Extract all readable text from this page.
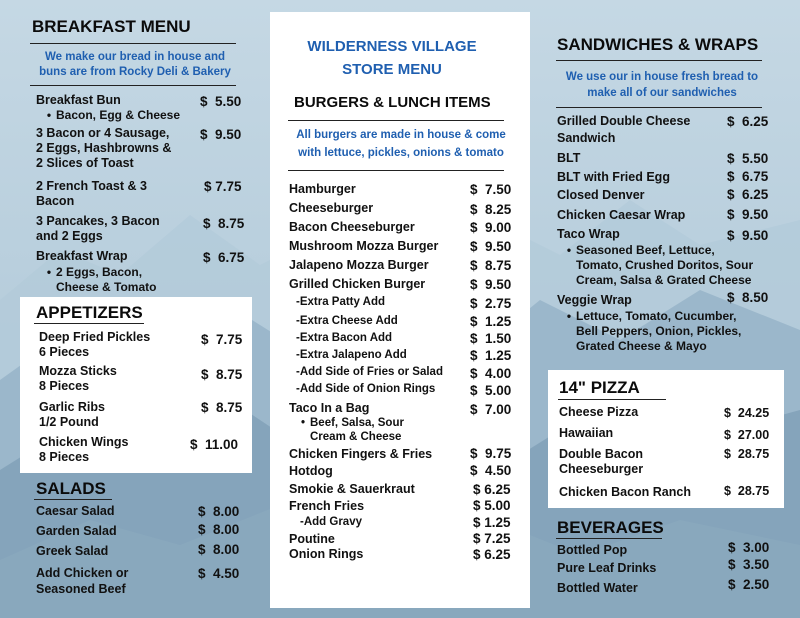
BREAKFAST MENU
We make our bread in house and
buns are from Rocky Deli & Bakery
Breakfast Bun	$  5.50
• Bacon, Egg & Cheese
3 Bacon or 4 Sausage,
2 Eggs, Hashbrowns &
2 Slices of Toast
$  9.50
2 French Toast & 3
Bacon
$ 7.75
3 Pancakes, 3 Bacon
and 2 Eggs
$  8.75
Breakfast Wrap	$  6.75
• 2 Eggs, Bacon,
Cheese & Tomato
APPETIZERS
Deep Fried Pickles
6 Pieces
$  7.75
Mozza Sticks
8 Pieces
$  8.75
Garlic Ribs
1/2 Pound
$  8.75
Chicken Wings
8 Pieces
$  11.00
SALADS
Caesar Salad	$  8.00
Garden Salad	$  8.00
Greek Salad	$  8.00
Add Chicken or
Seasoned Beef
$  4.50
WILDERNESS VILLAGE
STORE MENU
BURGERS & LUNCH ITEMS
All burgers are made in house & come
with lettuce, pickles, onions & tomato
Hamburger	$  7.50
Cheeseburger	$  8.25
Bacon Cheeseburger	$  9.00
Mushroom Mozza Burger $  9.50
Jalapeno Mozza Burger	$  8.75
Grilled Chicken Burger	$  9.50
-Extra Patty Add	$  2.75
-Extra Cheese Add	$  1.25
-Extra Bacon Add	$  1.50
-Extra Jalapeno Add	$  1.25
-Add Side of Fries or Salad $  4.00
-Add Side of Onion Rings	$  5.00
Taco In a Bag	$  7.00
• Beef, Salsa, Sour
Cream & Cheese
Chicken Fingers & Fries	$  9.75
Hotdog	$  4.50
Smokie & Sauerkraut	$ 6.25
French Fries	$ 5.00
-Add Gravy	$ 1.25
Poutine	$ 7.25
Onion Rings	$ 6.25
SANDWICHES & WRAPS
We use our in house fresh bread to
make all of our sandwiches
Grilled Double Cheese
Sandwich
$  6.25
BLT	$  5.50
BLT with Fried Egg	$  6.75
Closed Denver	$  6.25
Chicken Caesar Wrap	$  9.50
Taco Wrap	$  9.50
• Seasoned Beef, Lettuce,
Tomato, Crushed Doritos, Sour
Cream, Salsa & Grated Cheese
Veggie Wrap	$  8.50
• Lettuce, Tomato, Cucumber,
Bell Peppers, Onion, Pickles,
Grated Cheese & Mayo
14" PIZZA
Cheese Pizza	$  24.25
Hawaiian	$  27.00
Double Bacon
Cheeseburger
$  28.75
Chicken Bacon Ranch	$  28.75
BEVERAGES
Bottled Pop	$  3.00
Pure Leaf Drinks	$  3.50
Bottled Water	$  2.50
